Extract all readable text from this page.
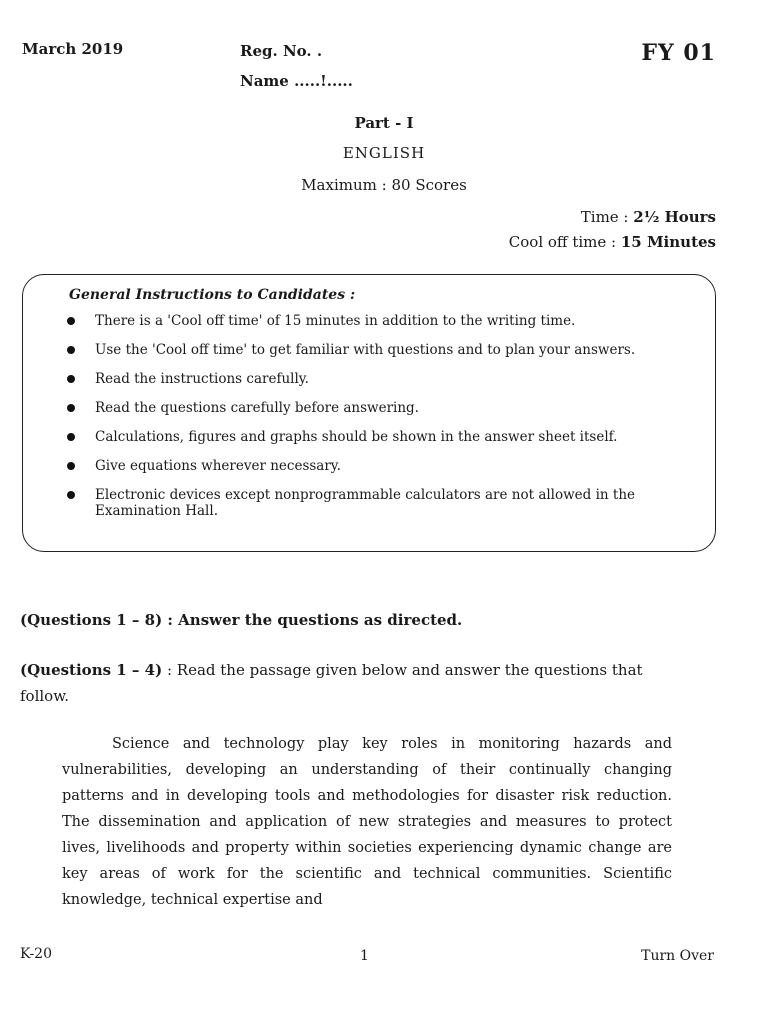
March 2019	Reg. No. .
Name .....!.....
FY 01
Part - I
ENGLISH
Maximum : 80 Scores
Time : 2½ Hours
Cool off time : 15 Minutes
General Instructions to Candidates :
There is a 'Cool off time' of 15 minutes in addition to the writing time.
Use the 'Cool off time' to get familiar with questions and to plan your answers.
Read the instructions carefully.
Read the questions carefully before answering.
Calculations, figures and graphs should be shown in the answer sheet itself.
Give equations wherever necessary.
Electronic devices except nonprogrammable calculators are not allowed in the Examination Hall.
(Questions 1 – 8) : Answer the questions as directed.
(Questions 1 – 4) : Read the passage given below and answer the questions that follow.
Science and technology play key roles in monitoring hazards and vulnerabilities, developing an understanding of their continually changing patterns and in developing tools and methodologies for disaster risk reduction. The dissemination and application of new strategies and measures to protect lives, livelihoods and property within societies experiencing dynamic change are key areas of work for the scientific and technical communities. Scientific knowledge, technical expertise and
K-20	1	Turn Over
